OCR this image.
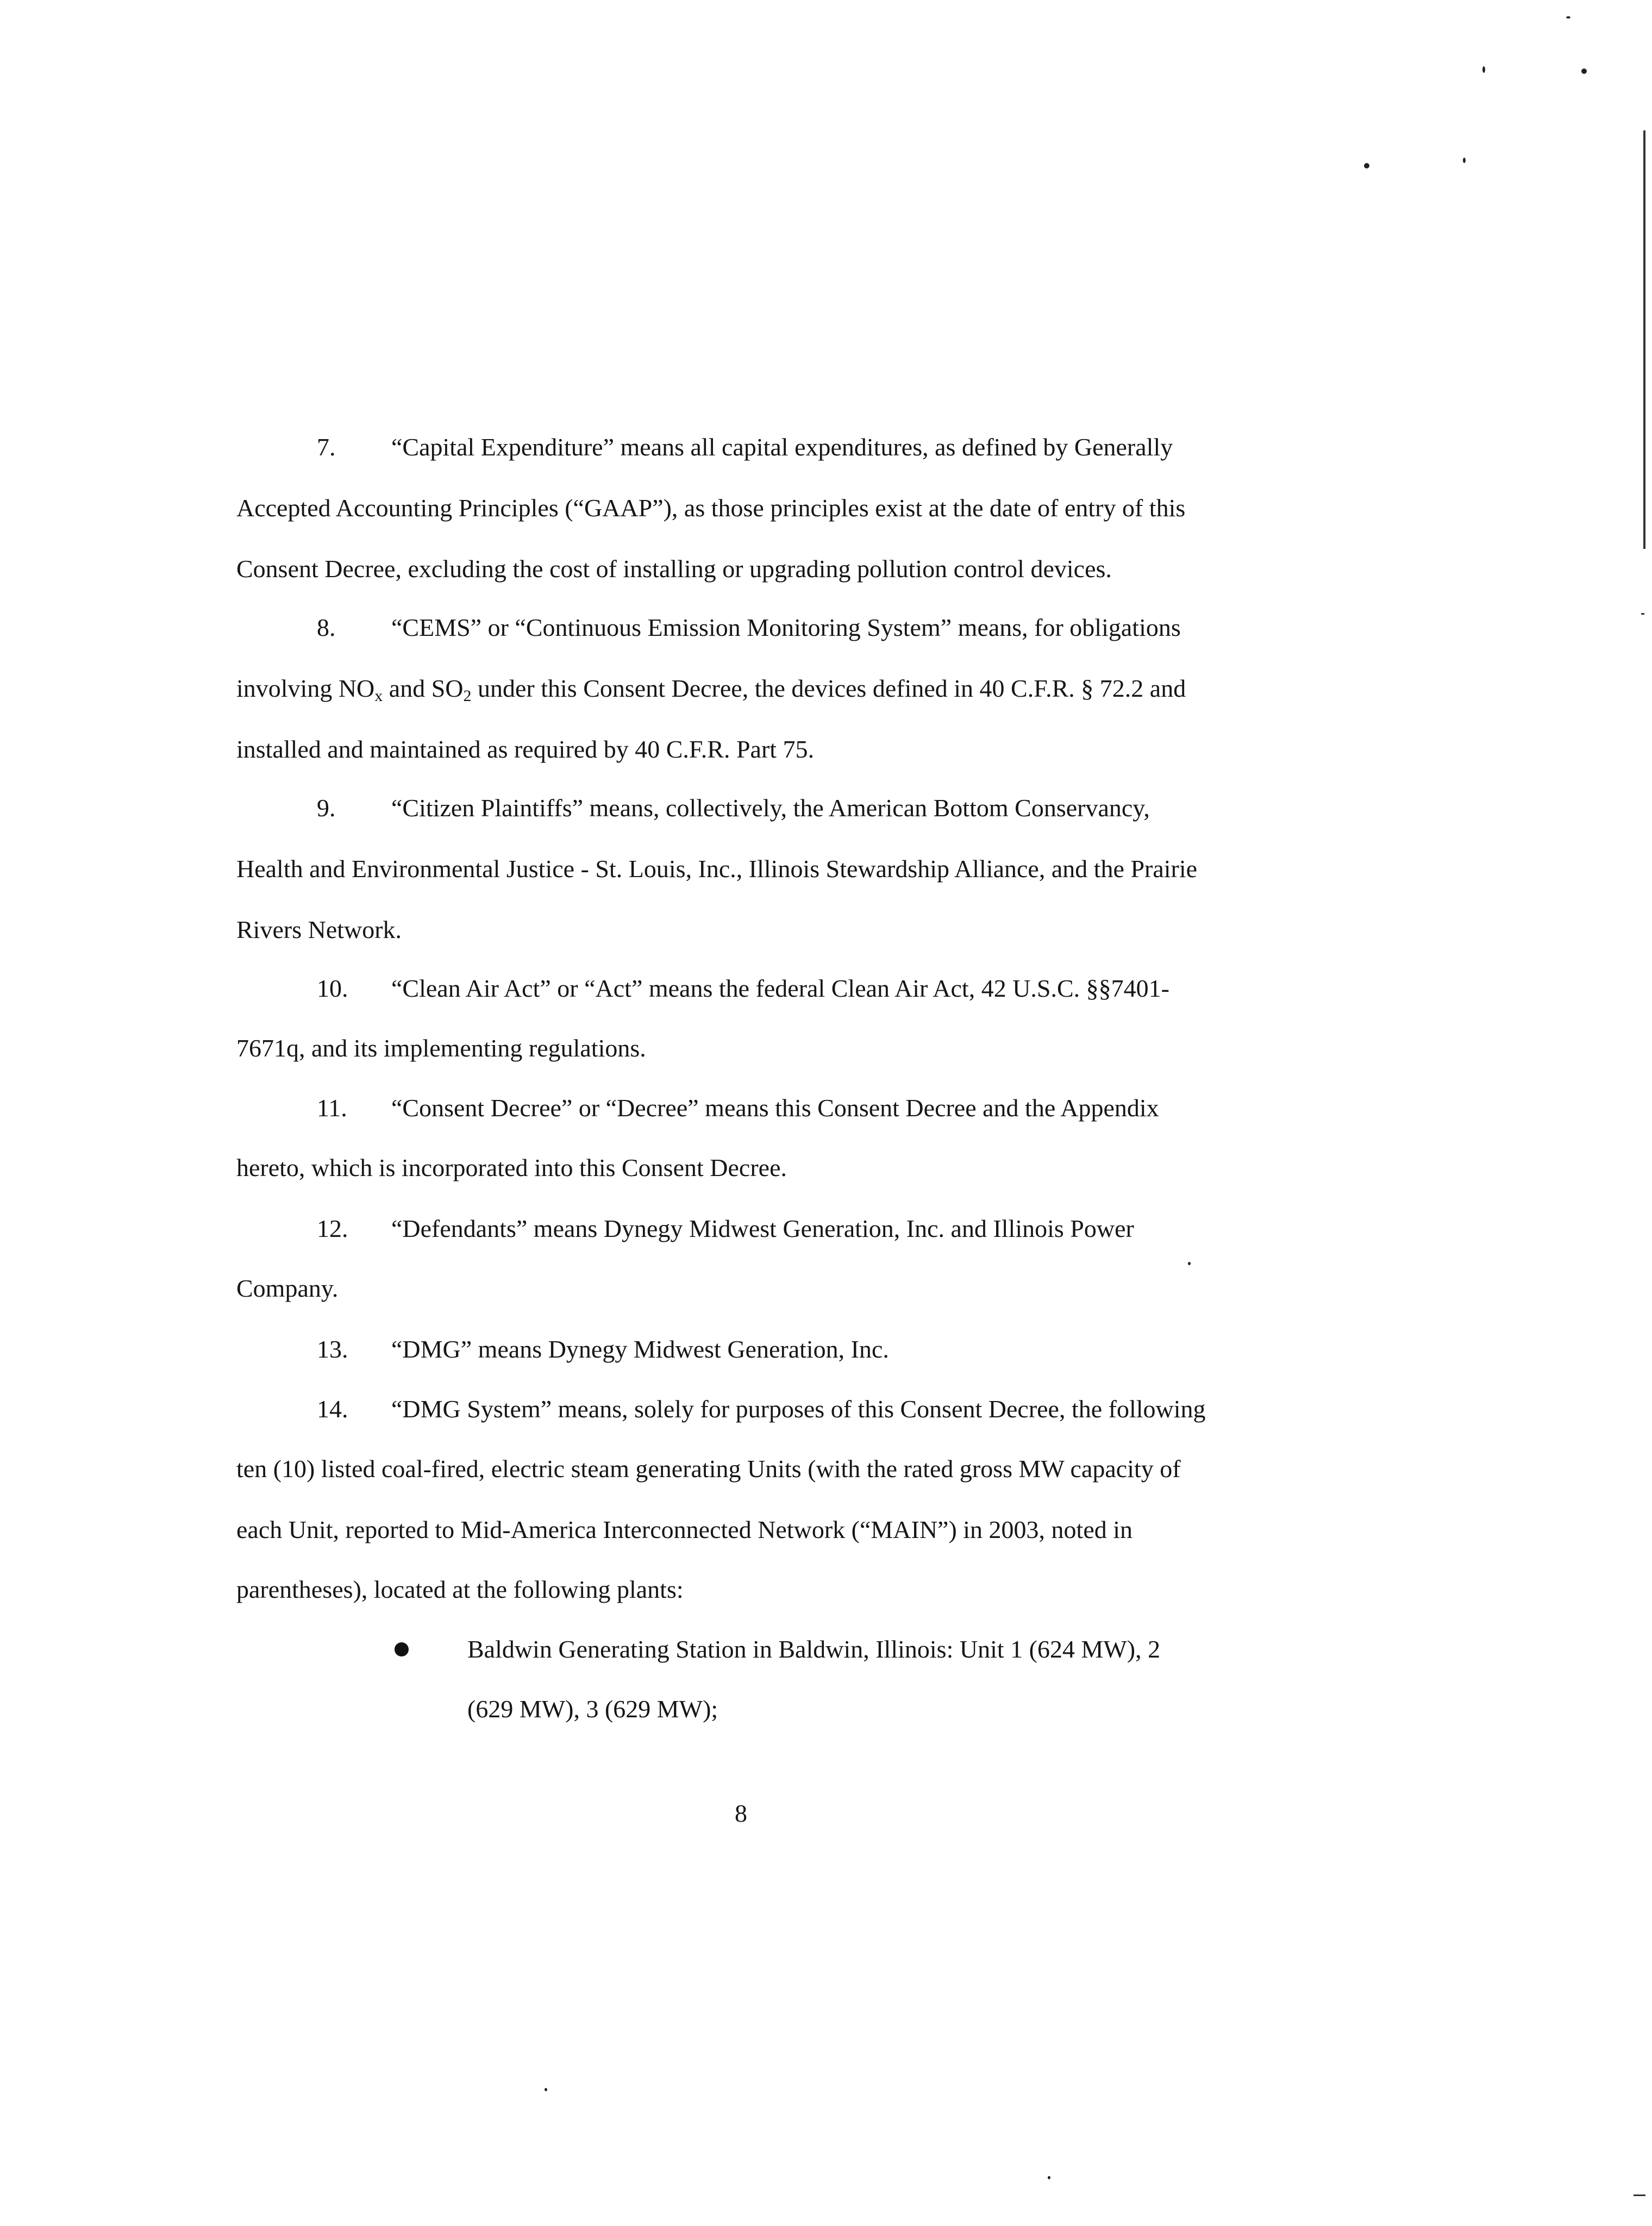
7. “Capital Expenditure” means all capital expenditures, as defined by Generally
Accepted Accounting Principles (“GAAP”), as those principles exist at the date of entry of this
Consent Decree, excluding the cost of installing or upgrading pollution control devices.
8. “CEMS” or “Continuous Emission Monitoring System” means, for obligations
involving $NO_x$ and $SO_2$ under this Consent Decree, the devices defined in 40 C.F.R. § 72.2 and
installed and maintained as required by 40 C.F.R. Part 75.
9. “Citizen Plaintiffs” means, collectively, the American Bottom Conservancy,
Health and Environmental Justice - St. Louis, Inc., Illinois Stewardship Alliance, and the Prairie
Rivers Network.
10. “Clean Air Act” or “Act” means the federal Clean Air Act, 42 U.S.C. §§7401-
7671q, and its implementing regulations.
11. “Consent Decree” or “Decree” means this Consent Decree and the Appendix
hereto, which is incorporated into this Consent Decree.
12. “Defendants” means Dynegy Midwest Generation, Inc. and Illinois Power
Company.
13. “DMG” means Dynegy Midwest Generation, Inc.
14. “DMG System” means, solely for purposes of this Consent Decree, the following
ten (10) listed coal-fired, electric steam generating Units (with the rated gross MW capacity of
each Unit, reported to Mid-America Interconnected Network (“MAIN”) in 2003, noted in
parentheses), located at the following plants:
Baldwin Generating Station in Baldwin, Illinois: Unit 1 (624 MW), 2
(629 MW), 3 (629 MW);
8
